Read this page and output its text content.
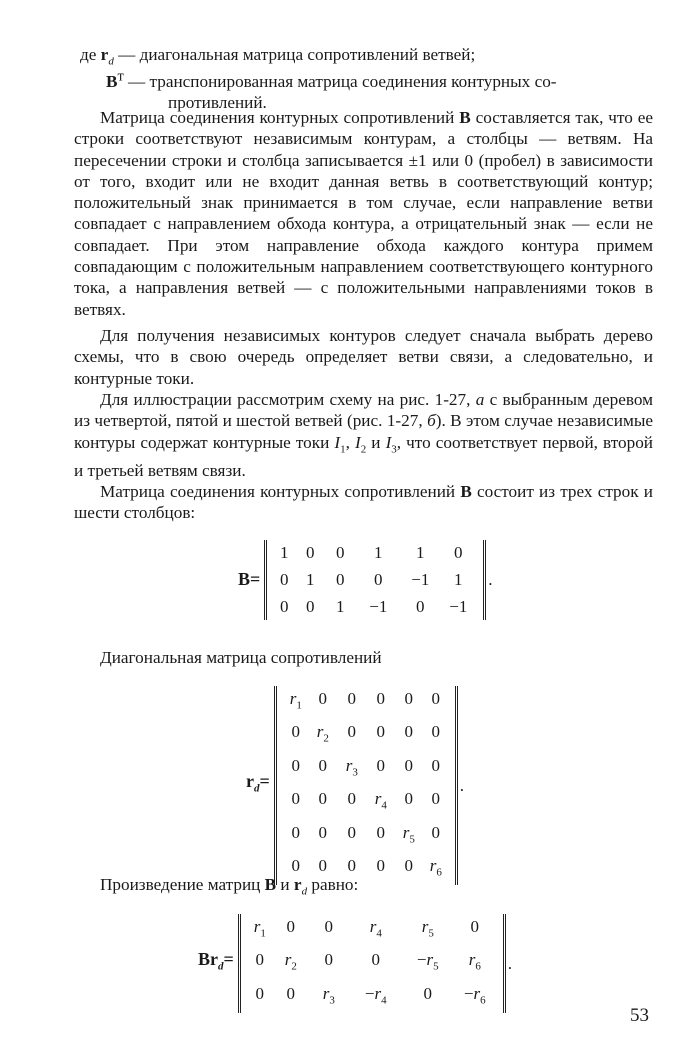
де $r_d$ — диагональная матрица сопротивлений ветвей;
$B^т$ — транспонированная матрица соединения контурных со-
противлений.

Матрица соединения контурных сопротивлений B составляется так, что ее строки соответствуют независимым контурам, а столбцы — ветвям. На пересечении строки и столбца записывается ±1 или 0 (пробел) в зависимости от того, входит или не входит данная ветвь в соответствующий контур; положительный знак принимается в том случае, если направление ветви совпадает с направлением обхода контура, а отрицательный знак — если не совпадает. При этом направление обхода каждого контура примем совпадающим с положительным направлением соответствующего контурного тока, а направления ветвей — с положительными направлениями токов в ветвях.

Для получения независимых контуров следует сначала выбрать дерево схемы, что в свою очередь определяет ветви связи, а следовательно, и контурные токи.

Для иллюстрации рассмотрим схему на рис. 1-27, а с выбранным деревом из четвертой, пятой и шестой ветвей (рис. 1-27, б). В этом случае независимые контуры содержат контурные токи $I_1$, $I_2$ и $I_3$, что соответствует первой, второй и третьей ветвям связи.

Матрица соединения контурных сопротивлений B состоит из трех строк и шести столбцов:

B=
1	0	0	1	1	0
0	1	0	0	−1	1
0	0	1	−1	0	−1
.
Диагональная матрица сопротивлений
$r_d=$
$r_1$ 0	0	0	0	0
0 $r_2$	0	0	0	0
0	0	$r_3$	0	0	0
0	0	0	$r_4$	0	0
0	0	0	0	$r_5$ 0
0	0	0	0	0 $r_6$
.
Произведение матриц B и $r_d$ равно:
$Br_d=$
$r_1$	0	0	$r_4$	$r_5$	0
0	$r_2$	0	0	$-r_5$	$r_6$
0	0	$r_3$	$-r_4$	0	$-r_6$
.
53
